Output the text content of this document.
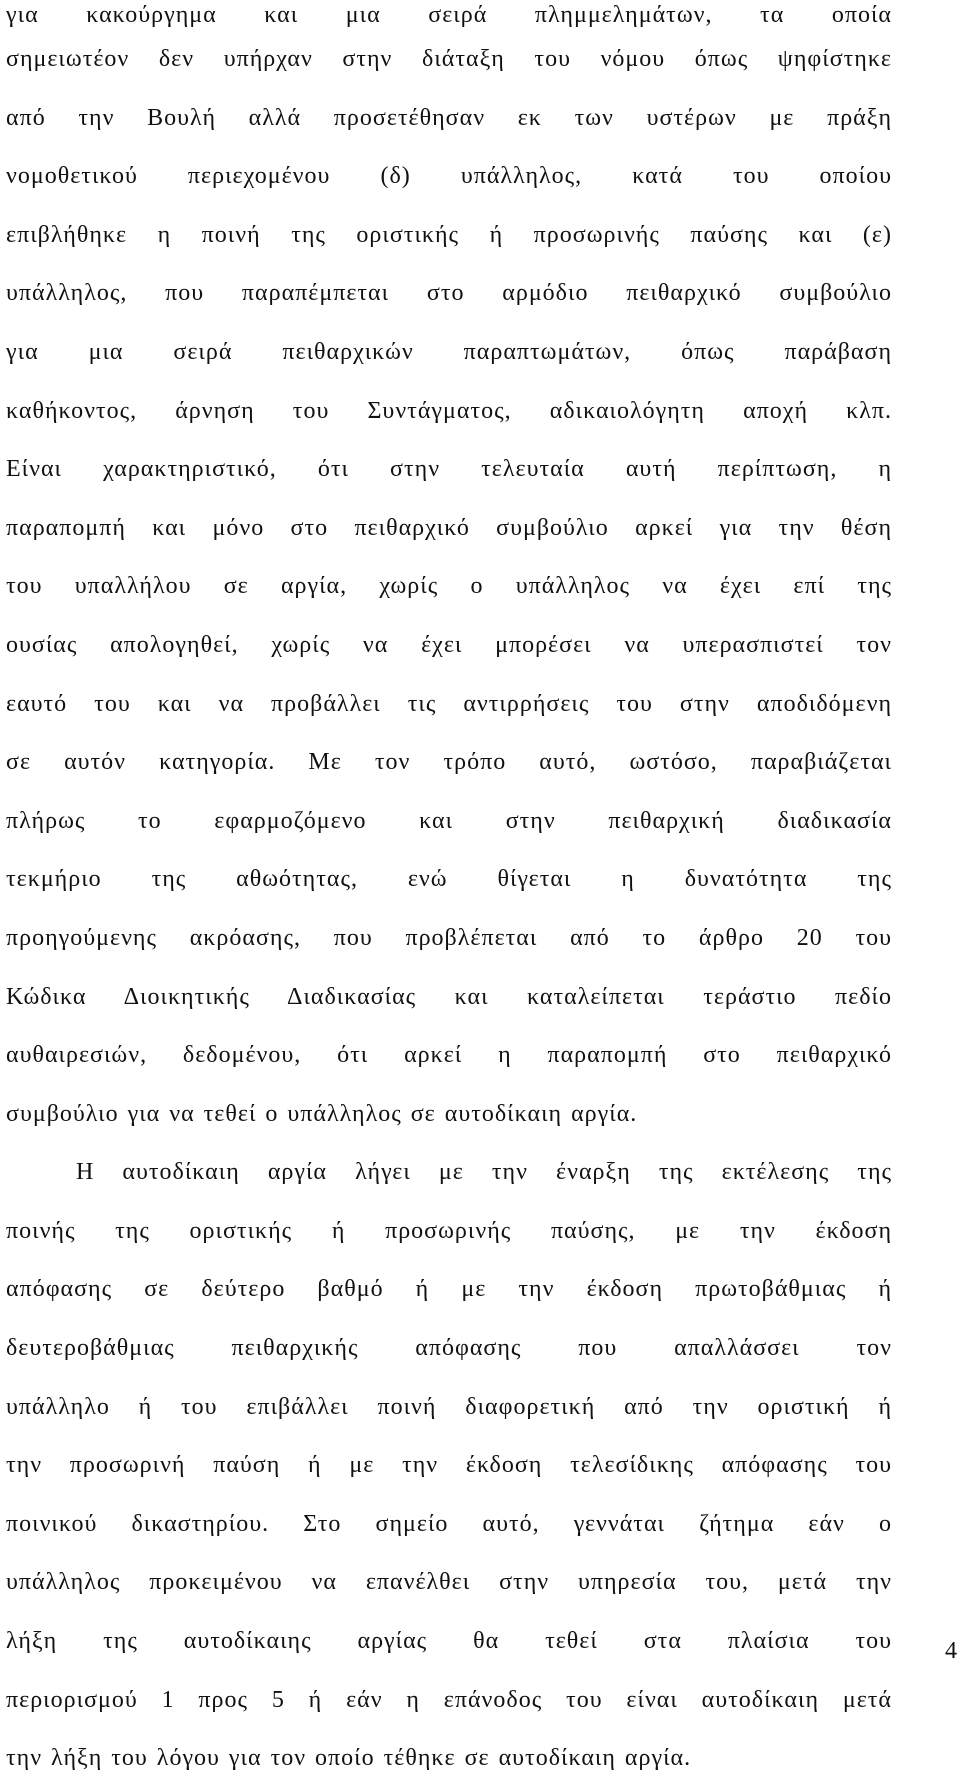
για κακούργημα και μια σειρά πλημμελημάτων, τα οποία
σημειωτέον δεν υπήρχαν στην διάταξη του νόμου όπως ψηφίστηκε
από την Βουλή αλλά προσετέθησαν εκ των υστέρων με πράξη
νομοθετικού περιεχομένου (δ) υπάλληλος, κατά του οποίου
επιβλήθηκε η ποινή της οριστικής ή προσωρινής παύσης και (ε)
υπάλληλος, που παραπέμπεται στο αρμόδιο πειθαρχικό συμβούλιο
για μια σειρά πειθαρχικών παραπτωμάτων, όπως παράβαση
καθήκοντος, άρνηση του Συντάγματος, αδικαιολόγητη αποχή κλπ.
Είναι χαρακτηριστικό, ότι στην τελευταία αυτή περίπτωση, η
παραπομπή και μόνο στο πειθαρχικό συμβούλιο αρκεί για την θέση
του υπαλλήλου σε αργία, χωρίς ο υπάλληλος να έχει επί της
ουσίας απολογηθεί, χωρίς να έχει μπορέσει να υπερασπιστεί τον
εαυτό του και να προβάλλει τις αντιρρήσεις του στην αποδιδόμενη
σε αυτόν κατηγορία. Με τον τρόπο αυτό, ωστόσο, παραβιάζεται
πλήρως το εφαρμοζόμενο και στην πειθαρχική διαδικασία
τεκμήριο της αθωότητας, ενώ θίγεται η δυνατότητα της
προηγούμενης ακρόασης, που προβλέπεται από το άρθρο 20 του
Κώδικα Διοικητικής Διαδικασίας και καταλείπεται τεράστιο πεδίο
αυθαιρεσιών, δεδομένου, ότι αρκεί η παραπομπή στο πειθαρχικό
συμβούλιο για να τεθεί ο υπάλληλος σε αυτοδίκαιη αργία.
Η αυτοδίκαιη αργία λήγει με την έναρξη της εκτέλεσης της
ποινής της οριστικής ή προσωρινής παύσης, με την έκδοση
απόφασης σε δεύτερο βαθμό ή με την έκδοση πρωτοβάθμιας ή
δευτεροβάθμιας πειθαρχικής απόφασης που απαλλάσσει τον
υπάλληλο ή του επιβάλλει ποινή διαφορετική από την οριστική ή
την προσωρινή παύση ή με την έκδοση τελεσίδικης απόφασης του
ποινικού δικαστηρίου. Στο σημείο αυτό, γεννάται ζήτημα εάν ο
υπάλληλος προκειμένου να επανέλθει στην υπηρεσία του, μετά την
λήξη της αυτοδίκαιης αργίας θα τεθεί στα πλαίσια του
περιορισμού 1 προς 5 ή εάν η επάνοδος του είναι αυτοδίκαιη μετά
την λήξη του λόγου για τον οποίο τέθηκε σε αυτοδίκαιη αργία.
4
